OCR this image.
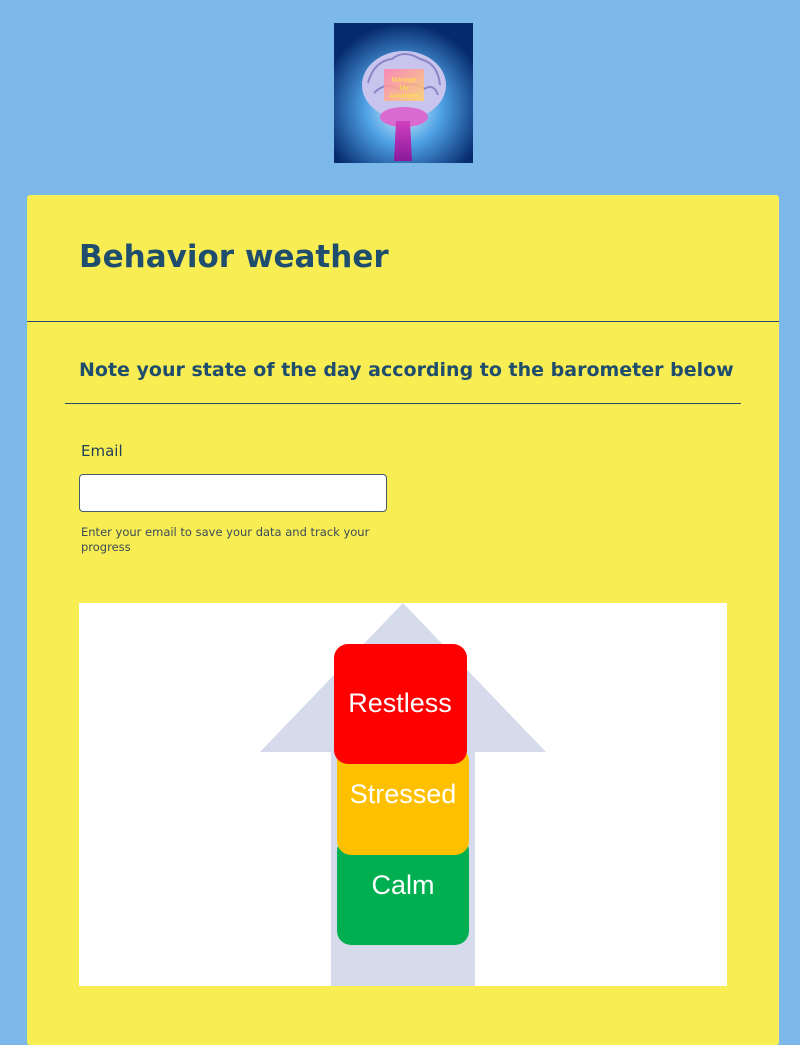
Manage
My
Anxieties
Behavior weather
Note your state of the day according to the barometer below
Email
Enter your email to save your data and track your progress
Calm
Stressed
Restless
